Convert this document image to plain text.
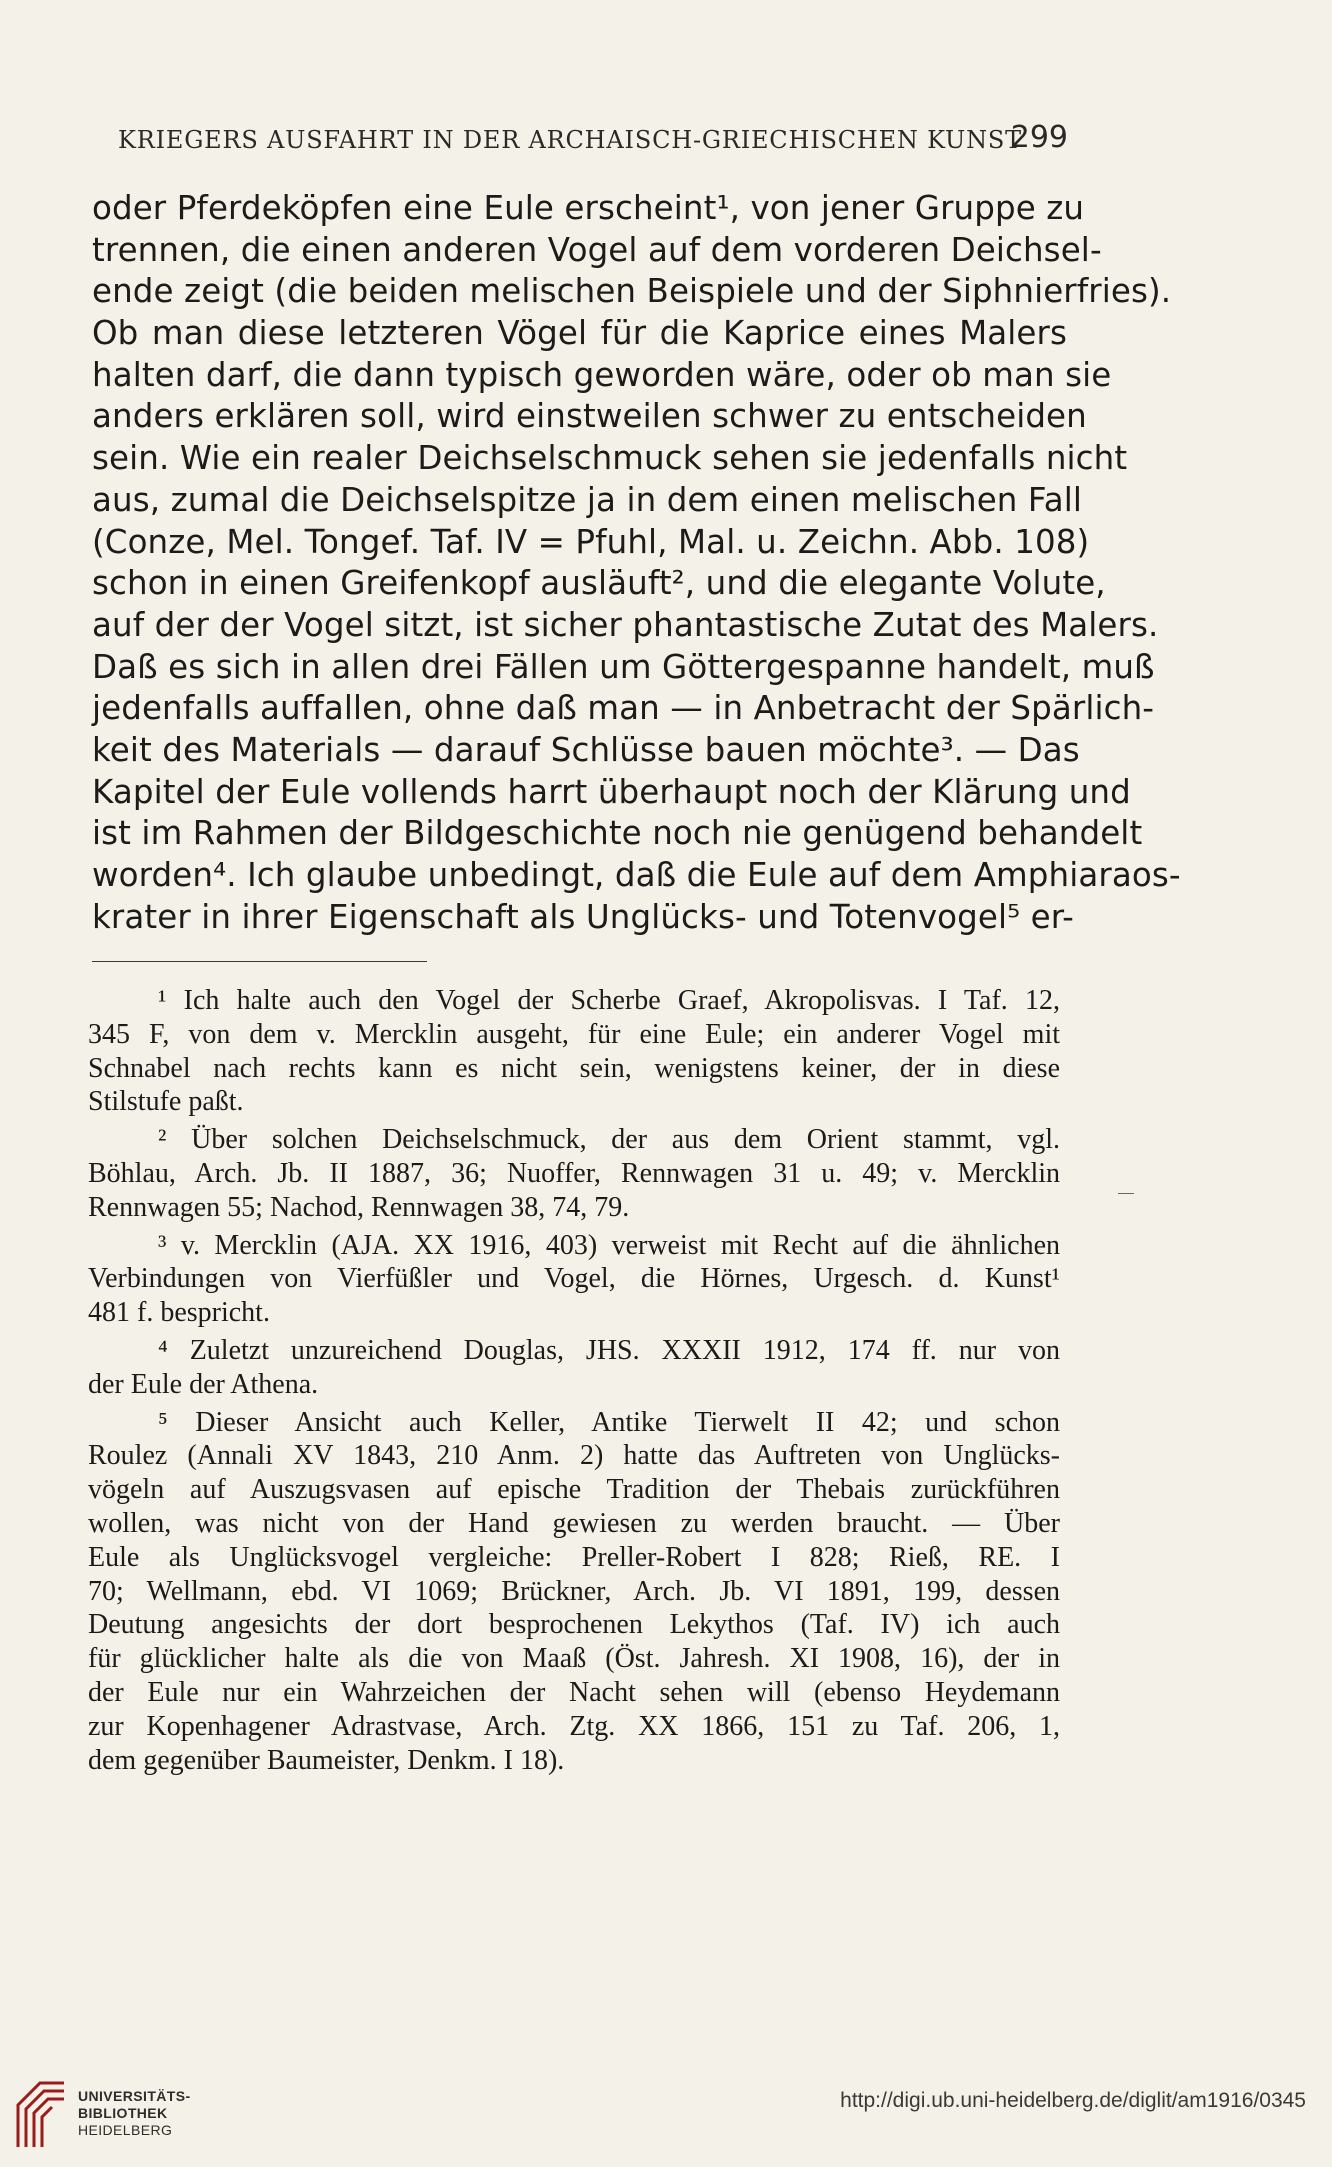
KRIEGERS AUSFAHRT IN DER ARCHAISCH-GRIECHISCHEN KUNST
299
oder Pferdeköpfen eine Eule erscheint¹, von jener Gruppe zu
trennen, die einen anderen Vogel auf dem vorderen Deichsel-
ende zeigt (die beiden melischen Beispiele und der Siphnierfries).
Ob man diese letzteren Vögel für die Kaprice eines Malers
halten darf, die dann typisch geworden wäre, oder ob man sie
anders erklären soll, wird einstweilen schwer zu entscheiden
sein. Wie ein realer Deichselschmuck sehen sie jedenfalls nicht
aus, zumal die Deichselspitze ja in dem einen melischen Fall
(Conze, Mel. Tongef. Taf. IV = Pfuhl, Mal. u. Zeichn. Abb. 108)
schon in einen Greifenkopf ausläuft², und die elegante Volute,
auf der der Vogel sitzt, ist sicher phantastische Zutat des Malers.
Daß es sich in allen drei Fällen um Göttergespanne handelt, muß
jedenfalls auffallen, ohne daß man — in Anbetracht der Spärlich-
keit des Materials — darauf Schlüsse bauen möchte³. — Das
Kapitel der Eule vollends harrt überhaupt noch der Klärung und
ist im Rahmen der Bildgeschichte noch nie genügend behandelt
worden⁴. Ich glaube unbedingt, daß die Eule auf dem Amphiaraos-
krater in ihrer Eigenschaft als Unglücks- und Totenvogel⁵ er-
¹ Ich halte auch den Vogel der Scherbe Graef, Akropolisvas. I Taf. 12,
345 F, von dem v. Mercklin ausgeht, für eine Eule; ein anderer Vogel mit
Schnabel nach rechts kann es nicht sein, wenigstens keiner, der in diese
Stilstufe paßt.
² Über solchen Deichselschmuck, der aus dem Orient stammt, vgl.
Böhlau, Arch. Jb. II 1887, 36; Nuoffer, Rennwagen 31 u. 49; v. Mercklin
Rennwagen 55; Nachod, Rennwagen 38, 74, 79.
³ v. Mercklin (AJA. XX 1916, 403) verweist mit Recht auf die ähnlichen
Verbindungen von Vierfüßler und Vogel, die Hörnes, Urgesch. d. Kunst¹
481 f. bespricht.
⁴ Zuletzt unzureichend Douglas, JHS. XXXII 1912, 174 ff. nur von
der Eule der Athena.
⁵ Dieser Ansicht auch Keller, Antike Tierwelt II 42; und schon
Roulez (Annali XV 1843, 210 Anm. 2) hatte das Auftreten von Unglücks-
vögeln auf Auszugsvasen auf epische Tradition der Thebais zurückführen
wollen, was nicht von der Hand gewiesen zu werden braucht. — Über
Eule als Unglücksvogel vergleiche: Preller-Robert I 828; Rieß, RE. I
70; Wellmann, ebd. VI 1069; Brückner, Arch. Jb. VI 1891, 199, dessen
Deutung angesichts der dort besprochenen Lekythos (Taf. IV) ich auch
für glücklicher halte als die von Maaß (Öst. Jahresh. XI 1908, 16), der in
der Eule nur ein Wahrzeichen der Nacht sehen will (ebenso Heydemann
zur Kopenhagener Adrastvase, Arch. Ztg. XX 1866, 151 zu Taf. 206, 1,
dem gegenüber Baumeister, Denkm. I 18).
UNIVERSITÄTS-
BIBLIOTHEK
HEIDELBERG
http://digi.ub.uni-heidelberg.de/diglit/am1916/0345
